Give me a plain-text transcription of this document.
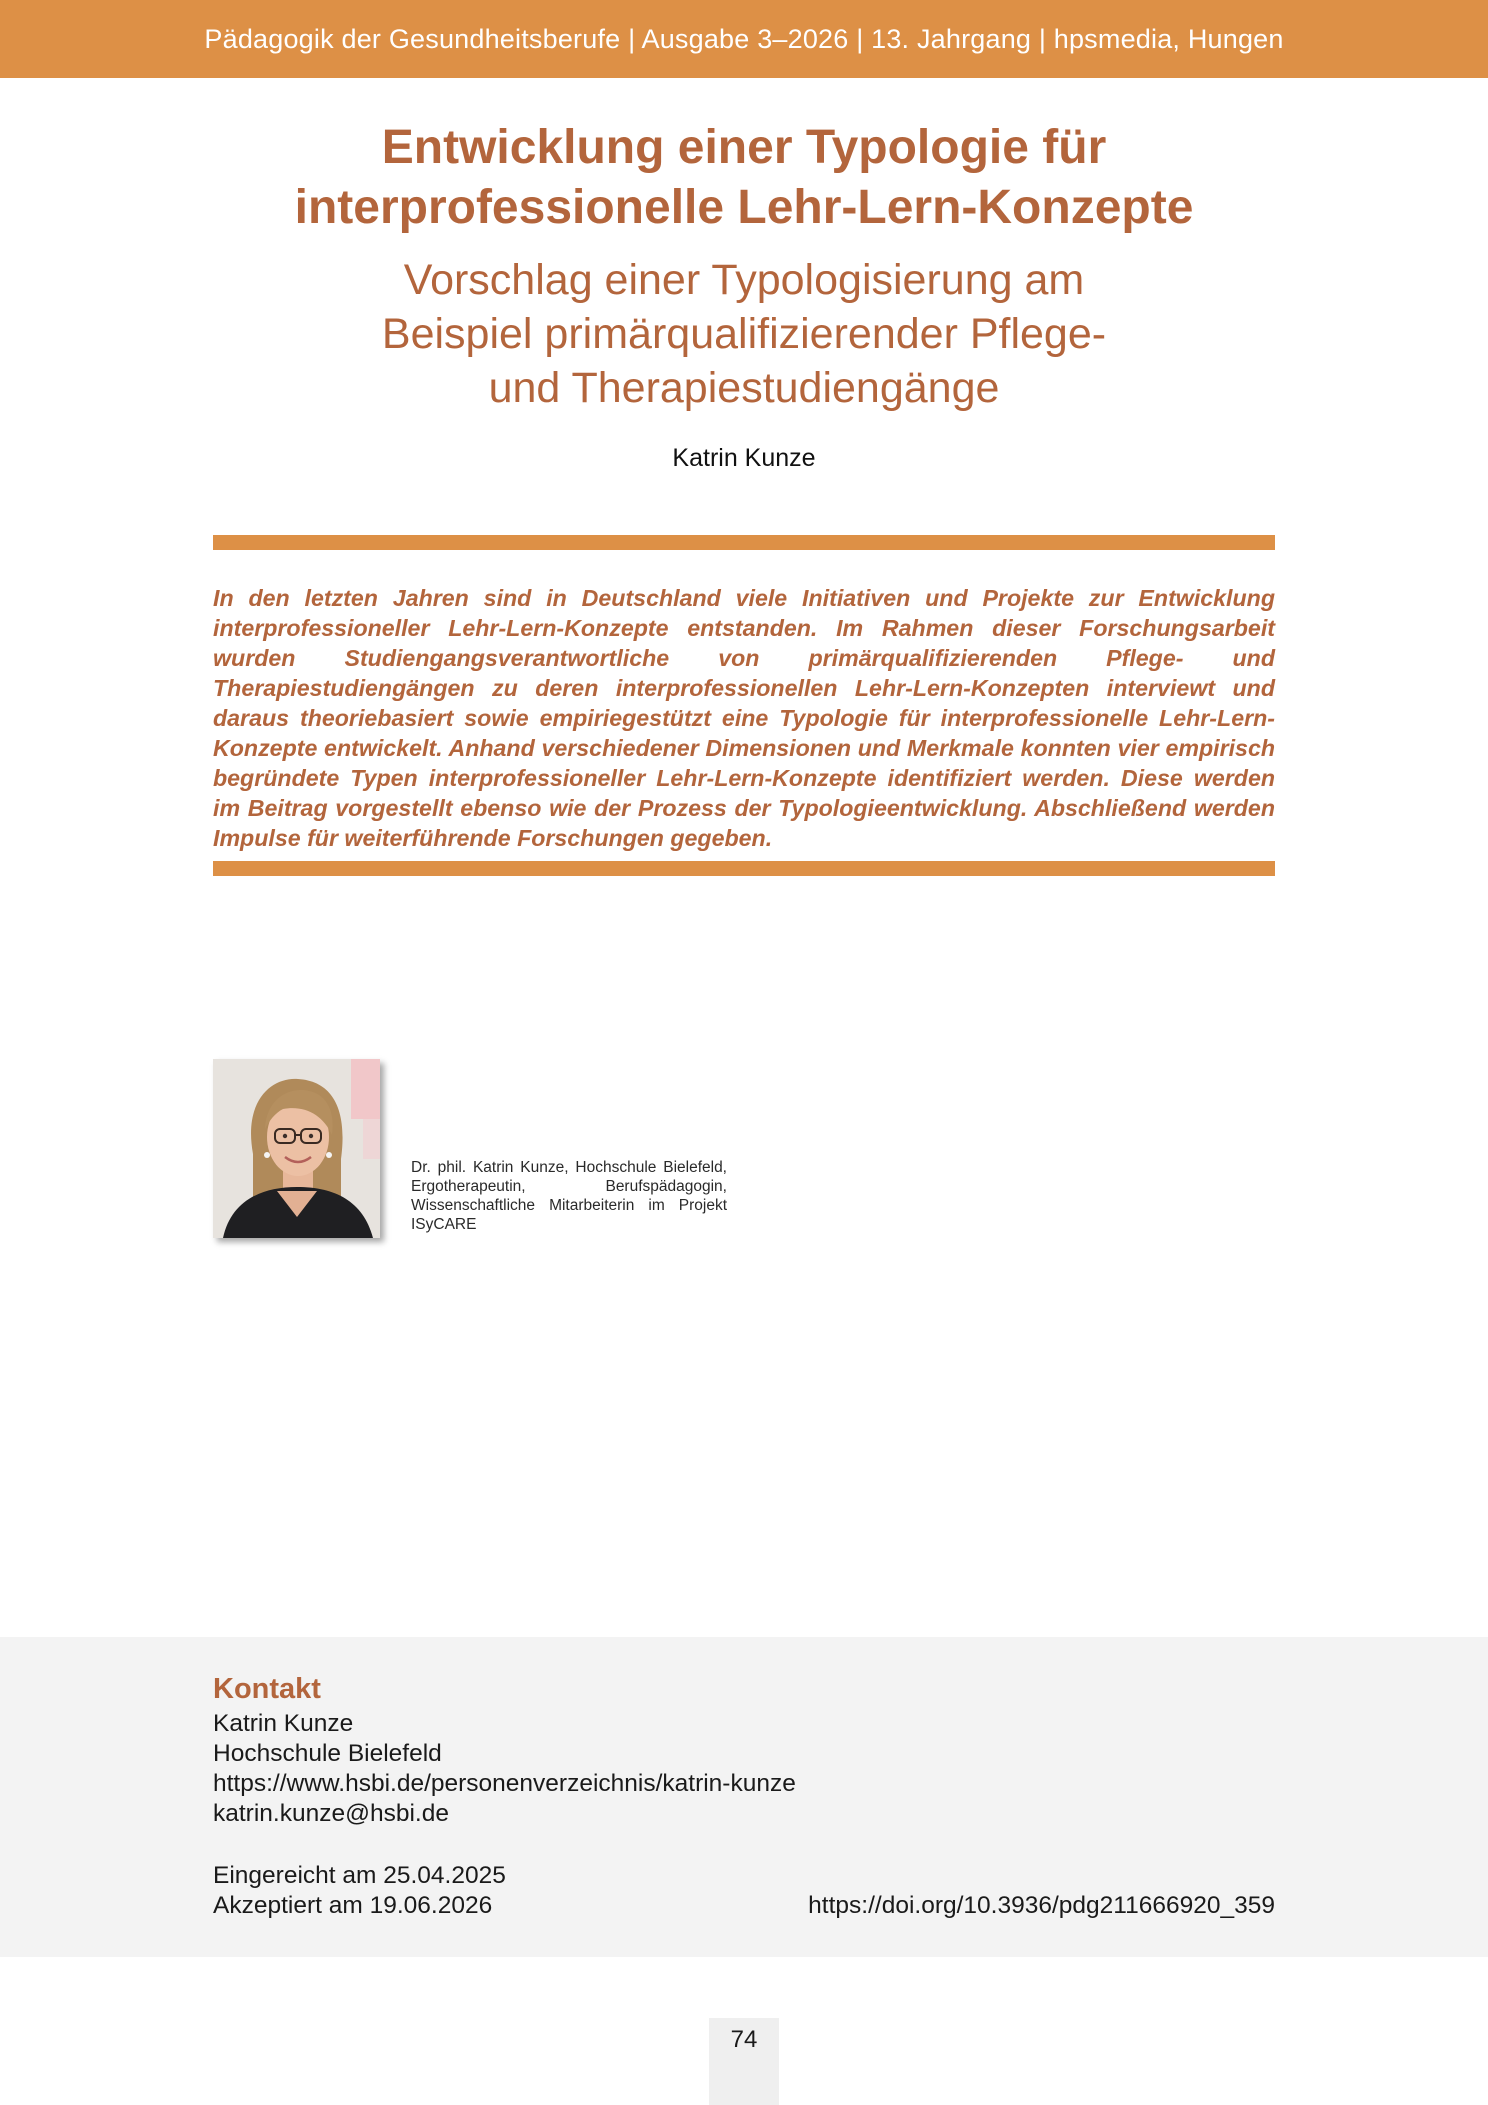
Pädagogik der Gesundheitsberufe | Ausgabe 3–2026 | 13. Jahrgang | hpsmedia, Hungen
Entwicklung einer Typologie für
interprofessionelle Lehr-Lern-Konzepte
Vorschlag einer Typologisierung am
Beispiel primärqualifizierender Pflege-
und Therapiestudiengänge
Katrin Kunze
In den letzten Jahren sind in Deutschland viele Initiativen und Projekte zur Entwicklung interprofessioneller Lehr-Lern-Konzepte entstanden. Im Rahmen dieser Forschungsarbeit wurden Studiengangsverantwortliche von primärqualifizierenden Pflege- und Therapiestudiengängen zu deren interprofessionellen Lehr-Lern-Konzepten interviewt und daraus theoriebasiert sowie empiriegestützt eine Typologie für interprofessionelle Lehr-Lern-Konzepte entwickelt. Anhand verschiedener Dimensionen und Merkmale konnten vier empirisch begründete Typen interprofessioneller Lehr-Lern-Konzepte identifiziert werden. Diese werden im Beitrag vorgestellt ebenso wie der Prozess der Typologieentwicklung. Abschließend werden Impulse für weiterführende Forschungen gegeben.
Dr. phil. Katrin Kunze, Hochschule Bielefeld, Ergotherapeutin, Berufspädagogin, Wissenschaftliche Mitarbeiterin im Projekt ISyCARE
Kontakt
Katrin Kunze
Hochschule Bielefeld
https://www.hsbi.de/personenverzeichnis/katrin-kunze
katrin.kunze@hsbi.de
Eingereicht am 25.04.2025
Akzeptiert am 19.06.2026	https://doi.org/10.3936/pdg211666920_359
74
